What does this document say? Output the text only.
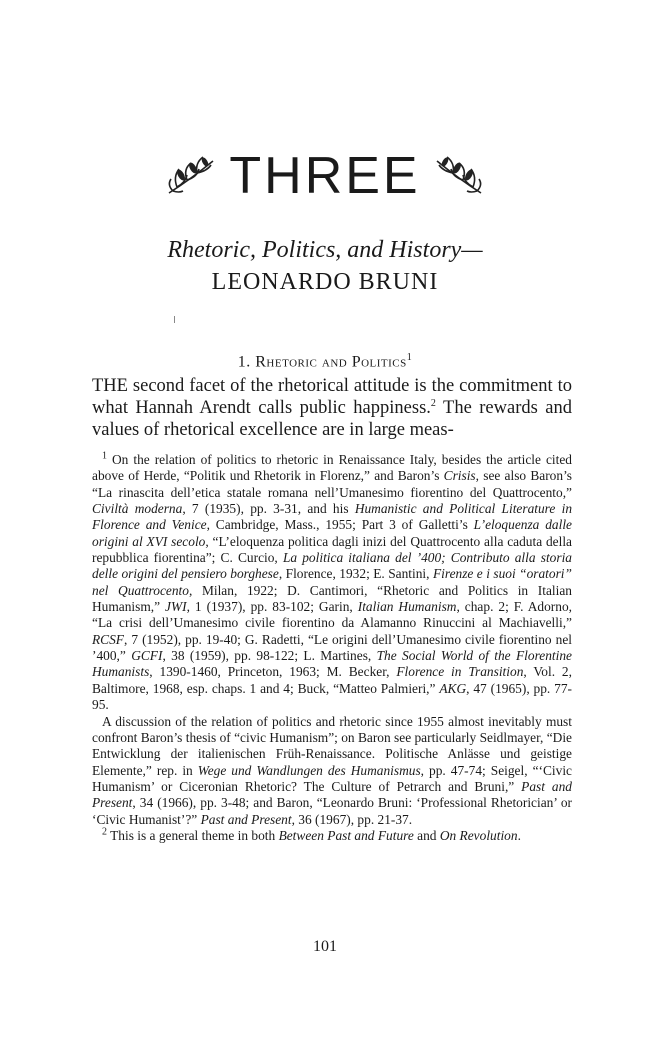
THREE
Rhetoric, Politics, and History—
LEONARDO BRUNI
1. Rhetoric and Politics$^1$

THE second facet of the rhetorical attitude is the commitment to what Hannah Arendt calls public happiness.$^2$ The rewards and values of rhetorical excellence are in large meas-

$^1$ On the relation of politics to rhetoric in Renaissance Italy, besides the article cited above of Herde, “Politik und Rhetorik in Florenz,” and Baron’s Crisis, see also Baron’s “La rinascita dell’etica statale romana nell’Umanesimo fiorentino del Quattrocento,” Civiltà moderna, 7 (1935), pp. 3-31, and his Humanistic and Political Literature in Florence and Venice, Cambridge, Mass., 1955; Part 3 of Galletti’s L’eloquenza dalle origini al XVI secolo, “L’eloquenza politica dagli inizi del Quattrocento alla caduta della repubblica fiorentina”; C. Curcio, La politica italiana del ’400; Contributo alla storia delle origini del pensiero borghese, Florence, 1932; E. Santini, Firenze e i suoi “oratori” nel Quattrocento, Milan, 1922; D. Cantimori, “Rhetoric and Politics in Italian Humanism,” JWI, 1 (1937), pp. 83-102; Garin, Italian Humanism, chap. 2; F. Adorno, “La crisi dell’Umanesimo civile fiorentino da Alamanno Rinuccini al Machiavelli,” RCSF, 7 (1952), pp. 19-40; G. Radetti, “Le origini dell’Umanesimo civile fiorentino nel ’400,” GCFI, 38 (1959), pp. 98-122; L. Martines, The Social World of the Florentine Humanists, 1390-1460, Princeton, 1963; M. Becker, Florence in Transition, Vol. 2, Baltimore, 1968, esp. chaps. 1 and 4; Buck, “Matteo Palmieri,” AKG, 47 (1965), pp. 77-95.

A discussion of the relation of politics and rhetoric since 1955 almost inevitably must confront Baron’s thesis of “civic Humanism”; on Baron see particularly Seidlmayer, “Die Entwicklung der italienischen Früh-Renaissance. Politische Anlässe und geistige Elemente,” rep. in Wege und Wandlungen des Humanismus, pp. 47-74; Seigel, “‘Civic Humanism’ or Ciceronian Rhetoric? The Culture of Petrarch and Bruni,” Past and Present, 34 (1966), pp. 3-48; and Baron, “Leonardo Bruni: ‘Professional Rhetorician’ or ‘Civic Humanist’?” Past and Present, 36 (1967), pp. 21-37.

$^2$ This is a general theme in both Between Past and Future and On Revolution.

101
